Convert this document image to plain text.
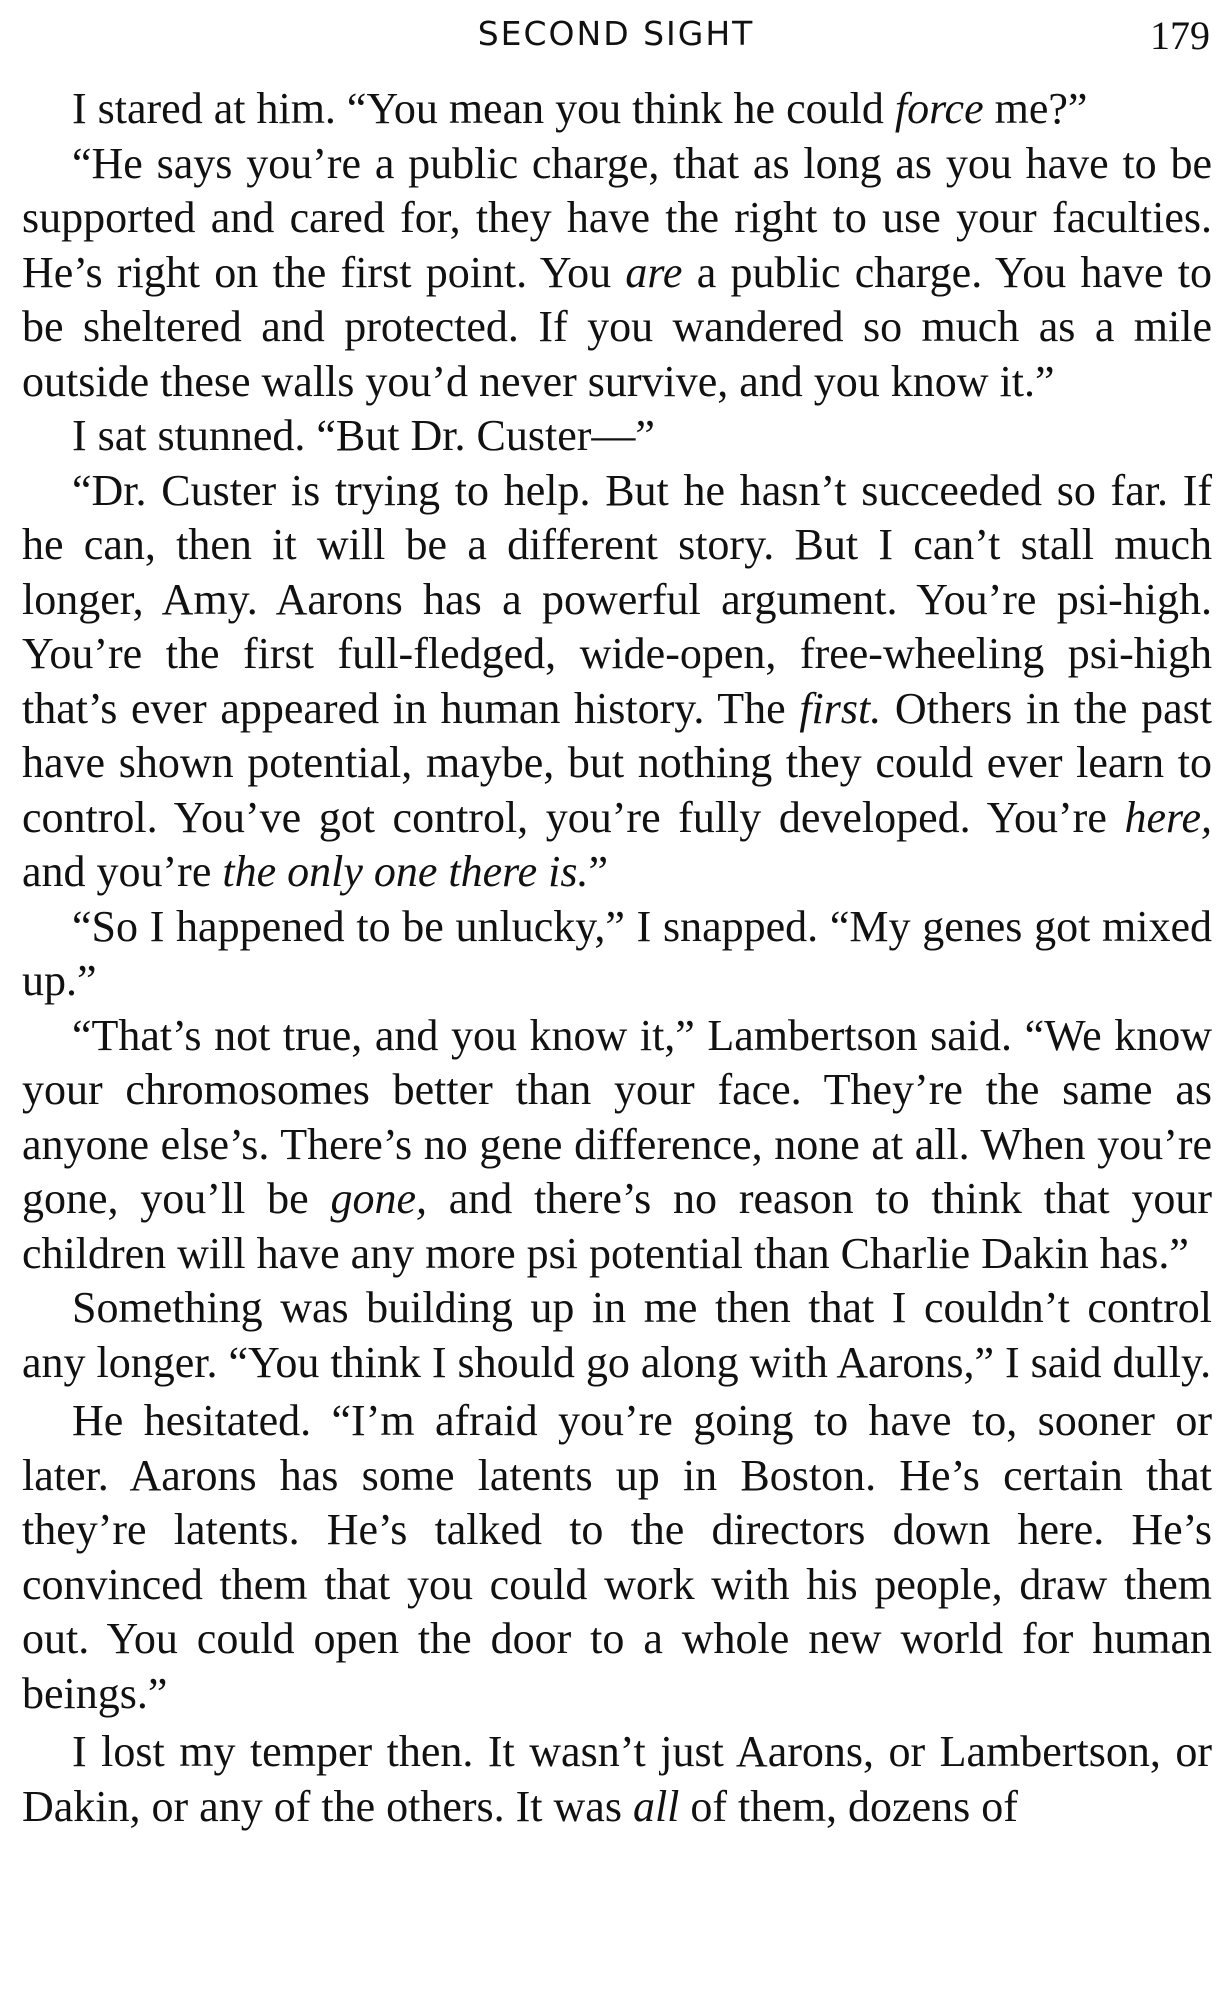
SECOND SIGHT	179

I stared at him. “You mean you think he could force me?”

“He says you’re a public charge, that as long as you have to be supported and cared for, they have the right to use your faculties. He’s right on the first point. You are a public charge. You have to be sheltered and protected. If you wandered so much as a mile outside these walls you’d never survive, and you know it.”

I sat stunned. “But Dr. Custer—”

“Dr. Custer is trying to help. But he hasn’t succeeded so far. If he can, then it will be a different story. But I can’t stall much longer, Amy. Aarons has a powerful argument. You’re psi-high. You’re the first full-fledged, wide-open, free-wheeling psi-high that’s ever appeared in human history. The first. Others in the past have shown potential, maybe, but nothing they could ever learn to control. You’ve got control, you’re fully developed. You’re here, and you’re the only one there is.”

“So I happened to be unlucky,” I snapped. “My genes got mixed up.”

“That’s not true, and you know it,” Lambertson said. “We know your chromosomes better than your face. They’re the same as anyone else’s. There’s no gene difference, none at all. When you’re gone, you’ll be gone, and there’s no reason to think that your children will have any more psi potential than Charlie Dakin has.”

Something was building up in me then that I couldn’t control any longer. “You think I should go along with Aarons,” I said dully.

He hesitated. “I’m afraid you’re going to have to, sooner or later. Aarons has some latents up in Boston. He’s certain that they’re latents. He’s talked to the directors down here. He’s convinced them that you could work with his people, draw them out. You could open the door to a whole new world for human beings.”

I lost my temper then. It wasn’t just Aarons, or Lambertson, or Dakin, or any of the others. It was all of them, dozens of
